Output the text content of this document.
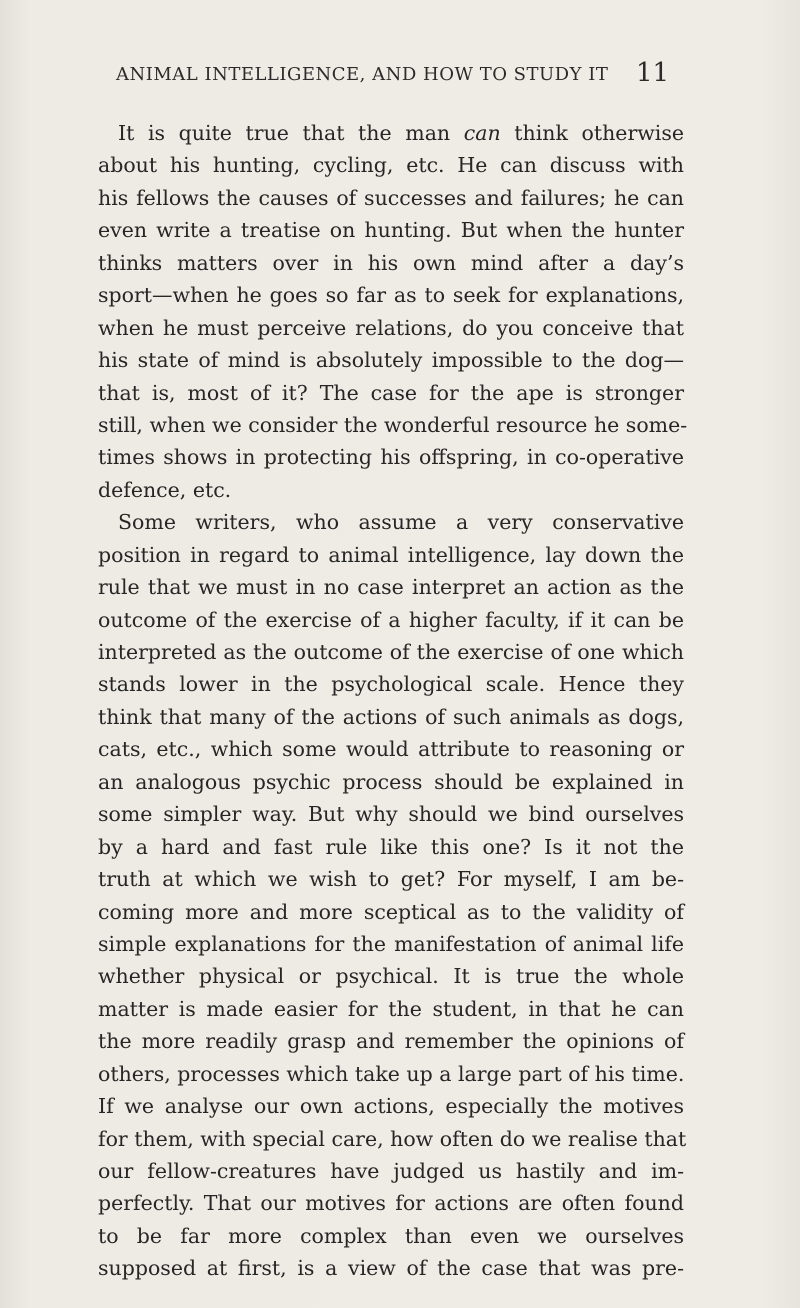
ANIMAL INTELLIGENCE, AND HOW TO STUDY IT	11
It is quite true that the man can think otherwise
about his hunting, cycling, etc. He can discuss with
his fellows the causes of successes and failures; he can
even write a treatise on hunting. But when the hunter
thinks matters over in his own mind after a day’s
sport—when he goes so far as to seek for explanations,
when he must perceive relations, do you conceive that
his state of mind is absolutely impossible to the dog—
that is, most of it? The case for the ape is stronger
still, when we consider the wonderful resource he some-
times shows in protecting his offspring, in co-operative
defence, etc.
Some writers, who assume a very conservative
position in regard to animal intelligence, lay down the
rule that we must in no case interpret an action as the
outcome of the exercise of a higher faculty, if it can be
interpreted as the outcome of the exercise of one which
stands lower in the psychological scale. Hence they
think that many of the actions of such animals as dogs,
cats, etc., which some would attribute to reasoning or
an analogous psychic process should be explained in
some simpler way. But why should we bind ourselves
by a hard and fast rule like this one? Is it not the
truth at which we wish to get? For myself, I am be-
coming more and more sceptical as to the validity of
simple explanations for the manifestation of animal life
whether physical or psychical. It is true the whole
matter is made easier for the student, in that he can
the more readily grasp and remember the opinions of
others, processes which take up a large part of his time.
If we analyse our own actions, especially the motives
for them, with special care, how often do we realise that
our fellow-creatures have judged us hastily and im-
perfectly. That our motives for actions are often found
to be far more complex than even we ourselves
supposed at first, is a view of the case that was pre-
